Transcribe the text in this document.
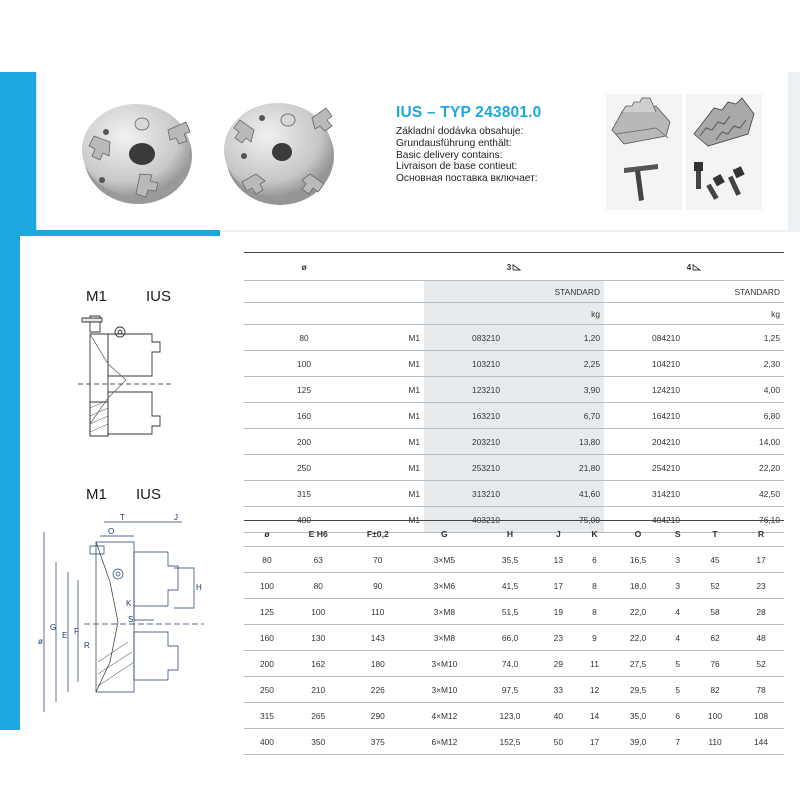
IUS – TYP 243801.0
Základní dodávka obsahuje:
Grundausführung enthält:
Basic delivery contains:
Livraison de base contieut:
Основная поставка включает:
M1	IUS
M1 IUS
T	J
O
F
H
K
S
R
E
G
ø
ø		3		4	
			STANDARD		STANDARD
			kg		kg
80	M1	083210	1,20	084210	1,25
100	M1	103210	2,25	104210	2,30
125	M1	123210	3,90	124210	4,00
160	M1	163210	6,70	164210	6,80
200	M1	203210	13,80	204210	14,00
250	M1	253210	21,80	254210	22,20
315	M1	313210	41,60	314210	42,50
400	M1	403210	75,00	404210	76,10
ø	E H6	F±0,2	G	H	J	K	O	S	T	R
80	63	70	3×M5	35,5	13	6	16,5	3	45	17
100	80	90	3×M6	41,5	17	8	18,0	3	52	23
125	100	110	3×M8	51,5	19	8	22,0	4	58	28
160	130	143	3×M8	66,0	23	9	22,0	4	62	48
200	162	180	3×M10	74,0	29	11	27,5	5	76	52
250	210	226	3×M10	97,5	33	12	29,5	5	82	78
315	265	290	4×M12	123,0	40	14	35,0	6	100	108
400	350	375	6×M12	152,5	50	17	39,0	7	110	144
